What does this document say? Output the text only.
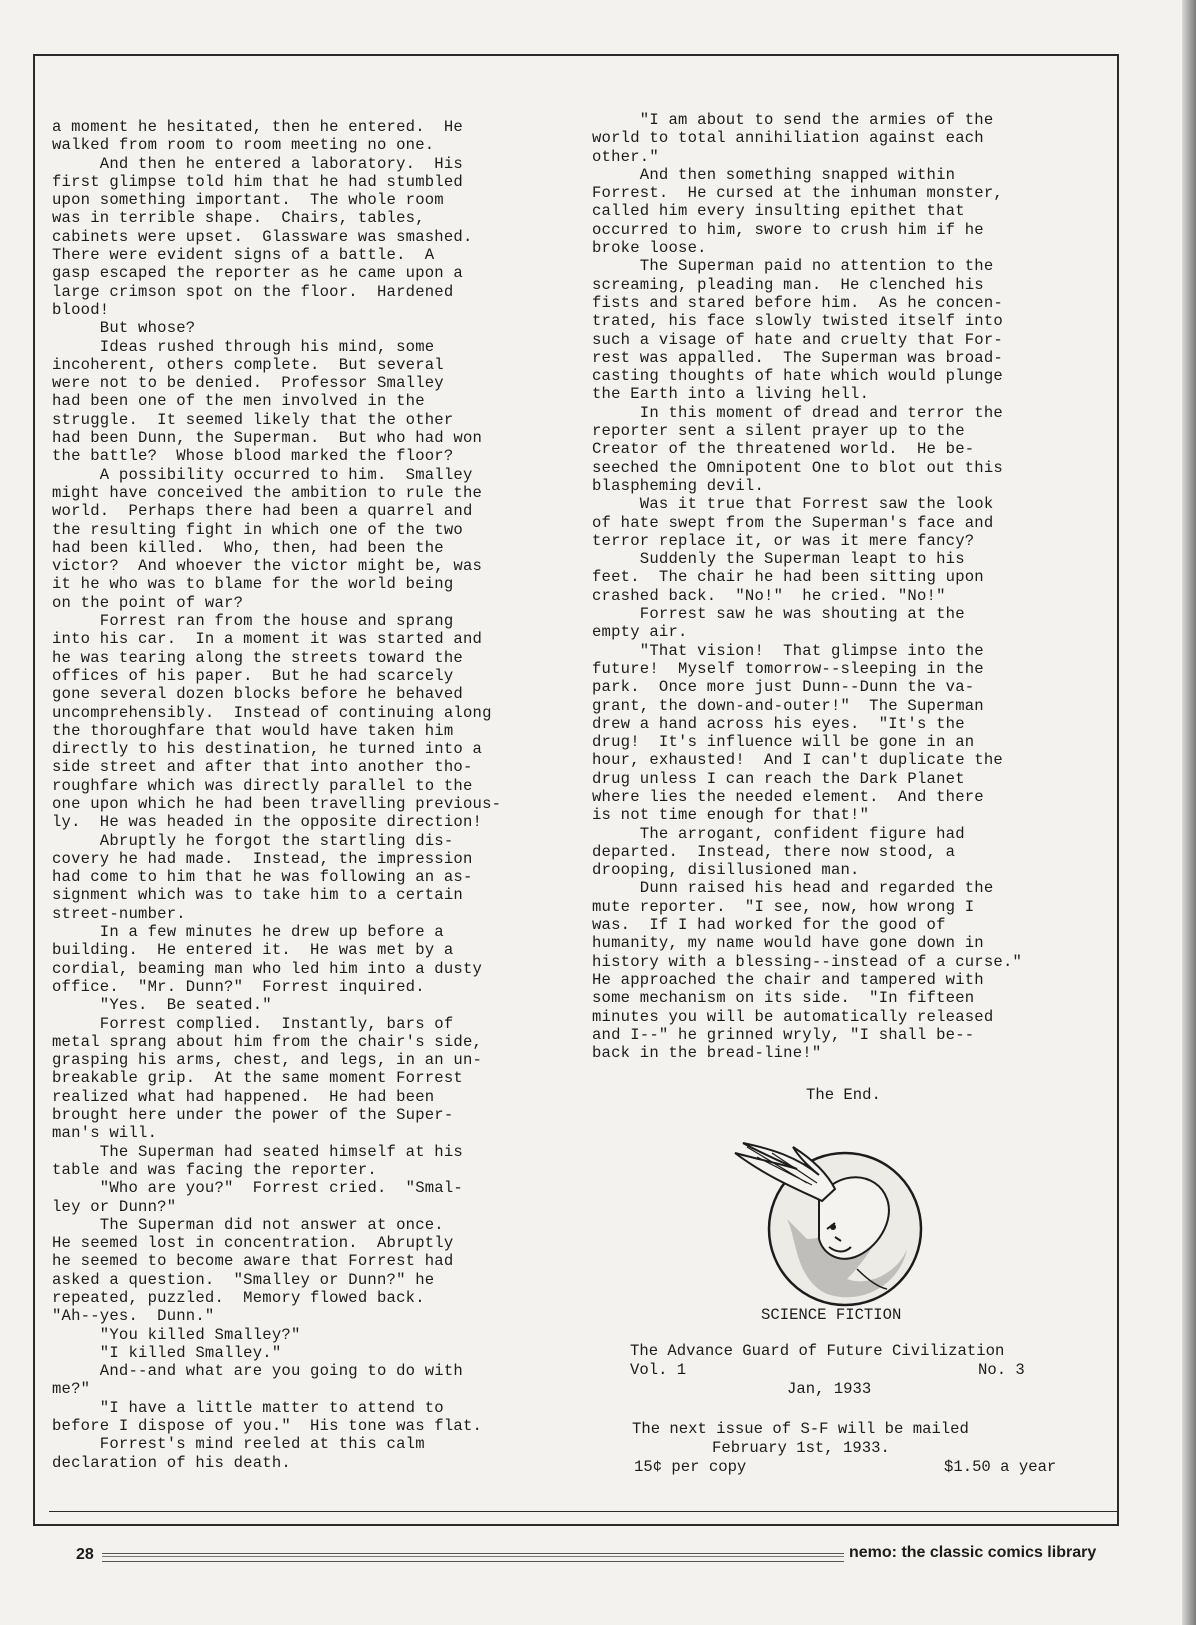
a moment he hesitated, then he entered.  He

walked from room to room meeting no one.

And then he entered a laboratory.  His

first glimpse told him that he had stumbled

upon something important.  The whole room

was in terrible shape.  Chairs, tables,

cabinets were upset.  Glassware was smashed.

There were evident signs of a battle.  A

gasp escaped the reporter as he came upon a

large crimson spot on the floor.  Hardened

blood!

But whose?

Ideas rushed through his mind, some

incoherent, others complete.  But several

were not to be denied.  Professor Smalley

had been one of the men involved in the

struggle.  It seemed likely that the other

had been Dunn, the Superman.  But who had won

the battle?  Whose blood marked the floor?

A possibility occurred to him.  Smalley

might have conceived the ambition to rule the

world.  Perhaps there had been a quarrel and

the resulting fight in which one of the two

had been killed.  Who, then, had been the

victor?  And whoever the victor might be, was

it he who was to blame for the world being

on the point of war?

Forrest ran from the house and sprang

into his car.  In a moment it was started and

he was tearing along the streets toward the

offices of his paper.  But he had scarcely

gone several dozen blocks before he behaved

uncomprehensibly.  Instead of continuing along

the thoroughfare that would have taken him

directly to his destination, he turned into a

side street and after that into another tho-

roughfare which was directly parallel to the

one upon which he had been travelling previous-

ly.  He was headed in the opposite direction!

Abruptly he forgot the startling dis-

covery he had made.  Instead, the impression

had come to him that he was following an as-

signment which was to take him to a certain

street-number.

In a few minutes he drew up before a

building.  He entered it.  He was met by a

cordial, beaming man who led him into a dusty

office.  "Mr. Dunn?"  Forrest inquired.

"Yes.  Be seated."

Forrest complied.  Instantly, bars of

metal sprang about him from the chair's side,

grasping his arms, chest, and legs, in an un-

breakable grip.  At the same moment Forrest

realized what had happened.  He had been

brought here under the power of the Super-

man's will.

The Superman had seated himself at his

table and was facing the reporter.

"Who are you?"  Forrest cried.  "Smal-

ley or Dunn?"

The Superman did not answer at once.

He seemed lost in concentration.  Abruptly

he seemed to become aware that Forrest had

asked a question.  "Smalley or Dunn?" he

repeated, puzzled.  Memory flowed back.

"Ah--yes.  Dunn."

"You killed Smalley?"

"I killed Smalley."

And--and what are you going to do with

me?"

"I have a little matter to attend to

before I dispose of you."  His tone was flat.

Forrest's mind reeled at this calm

declaration of his death.

"I am about to send the armies of the

world to total annihiliation against each

other."

And then something snapped within

Forrest.  He cursed at the inhuman monster,

called him every insulting epithet that

occurred to him, swore to crush him if he

broke loose.

The Superman paid no attention to the

screaming, pleading man.  He clenched his

fists and stared before him.  As he concen-

trated, his face slowly twisted itself into

such a visage of hate and cruelty that For-

rest was appalled.  The Superman was broad-

casting thoughts of hate which would plunge

the Earth into a living hell.

In this moment of dread and terror the

reporter sent a silent prayer up to the

Creator of the threatened world.  He be-

seeched the Omnipotent One to blot out this

blaspheming devil.

Was it true that Forrest saw the look

of hate swept from the Superman's face and

terror replace it, or was it mere fancy?

Suddenly the Superman leapt to his

feet.  The chair he had been sitting upon

crashed back.  "No!"  he cried. "No!"

Forrest saw he was shouting at the

empty air.

"That vision!  That glimpse into the

future!  Myself tomorrow--sleeping in the

park.  Once more just Dunn--Dunn the va-

grant, the down-and-outer!"  The Superman

drew a hand across his eyes.  "It's the

drug!  It's influence will be gone in an

hour, exhausted!  And I can't duplicate the

drug unless I can reach the Dark Planet

where lies the needed element.  And there

is not time enough for that!"

The arrogant, confident figure had

departed.  Instead, there now stood, a

drooping, disillusioned man.

Dunn raised his head and regarded the

mute reporter.  "I see, now, how wrong I

was.  If I had worked for the good of

humanity, my name would have gone down in

history with a blessing--instead of a curse."

He approached the chair and tampered with

some mechanism on its side.  "In fifteen

minutes you will be automatically released

and I--" he grinned wryly, "I shall be--

back in the bread-line!"

The End.
SCIENCE FICTION
The Advance Guard of Future Civilization
Vol. 1	No. 3
Jan, 1933
The next issue of S-F will be mailed
February 1st, 1933.
15¢ per copy	$1.50 a year
28	nemo: the classic comics library
